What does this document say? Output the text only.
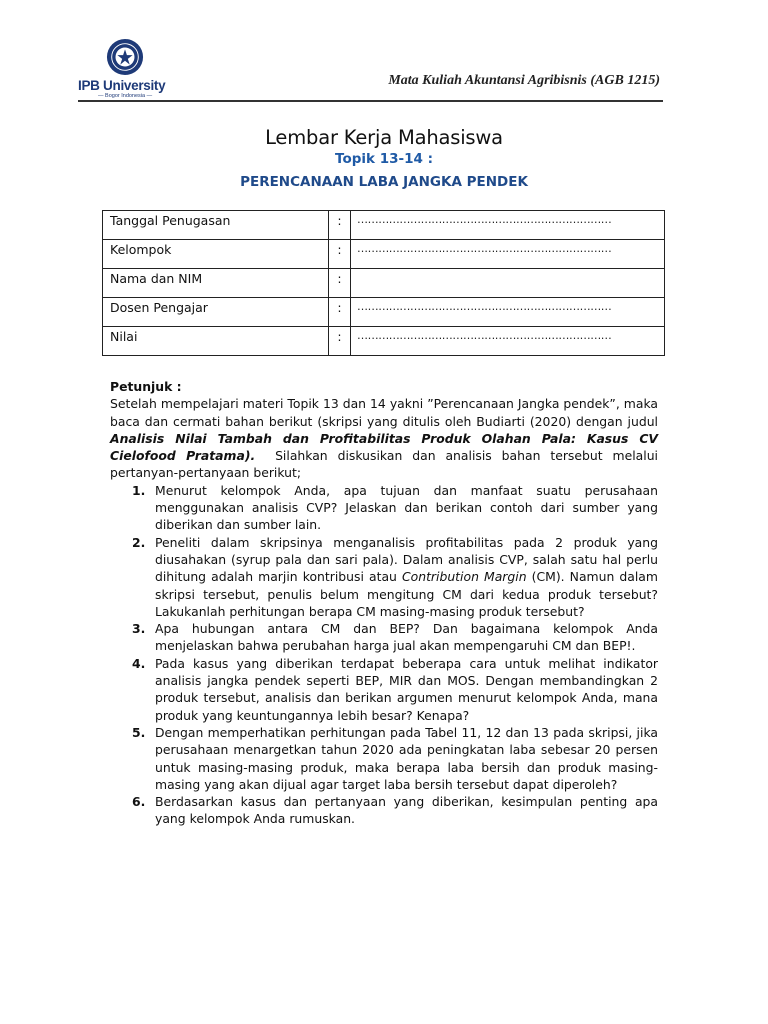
IPB University
— Bogor Indonesia —
Mata Kuliah Akuntansi Agribisnis (AGB 1215)
Lembar Kerja Mahasiswa
Topik 13-14 :
PERENCANAAN LABA JANGKA PENDEK
Tanggal Penugasan	:	………………………………………………………………
Kelompok	:	………………………………………………………………
Nama dan NIM	:	
Dosen Pengajar	:	………………………………………………………………
Nilai	:	………………………………………………………………
Petunjuk :

Setelah mempelajari materi Topik 13 dan 14 yakni ”Perencanaan Jangka pendek”, maka baca dan cermati bahan berikut (skripsi yang ditulis oleh Budiarti (2020) dengan judul Analisis Nilai Tambah dan Profitabilitas Produk Olahan Pala: Kasus CV Cielofood Pratama). Silahkan diskusikan dan analisis bahan tersebut melalui pertanyan-pertanyaan berikut;

1. Menurut kelompok Anda, apa tujuan dan manfaat suatu perusahaan menggunakan analisis CVP? Jelaskan dan berikan contoh dari sumber yang diberikan dan sumber lain.
2. Peneliti dalam skripsinya menganalisis profitabilitas pada 2 produk yang diusahakan (syrup pala dan sari pala). Dalam analisis CVP, salah satu hal perlu dihitung adalah marjin kontribusi atau Contribution Margin (CM). Namun dalam skripsi tersebut, penulis belum mengitung CM dari kedua produk tersebut? Lakukanlah perhitungan berapa CM masing-masing produk tersebut?
3. Apa hubungan antara CM dan BEP? Dan bagaimana kelompok Anda menjelaskan bahwa perubahan harga jual akan mempengaruhi CM dan BEP!.
4. Pada kasus yang diberikan terdapat beberapa cara untuk melihat indikator analisis jangka pendek seperti BEP, MIR dan MOS. Dengan membandingkan 2 produk tersebut, analisis dan berikan argumen menurut kelompok Anda, mana produk yang keuntungannya lebih besar? Kenapa?
5. Dengan memperhatikan perhitungan pada Tabel 11, 12 dan 13 pada skripsi, jika perusahaan menargetkan tahun 2020 ada peningkatan laba sebesar 20 persen untuk masing-masing produk, maka berapa laba bersih dan produk masing-masing yang akan dijual agar target laba bersih tersebut dapat diperoleh?
6. Berdasarkan kasus dan pertanyaan yang diberikan, kesimpulan penting apa yang kelompok Anda rumuskan.
